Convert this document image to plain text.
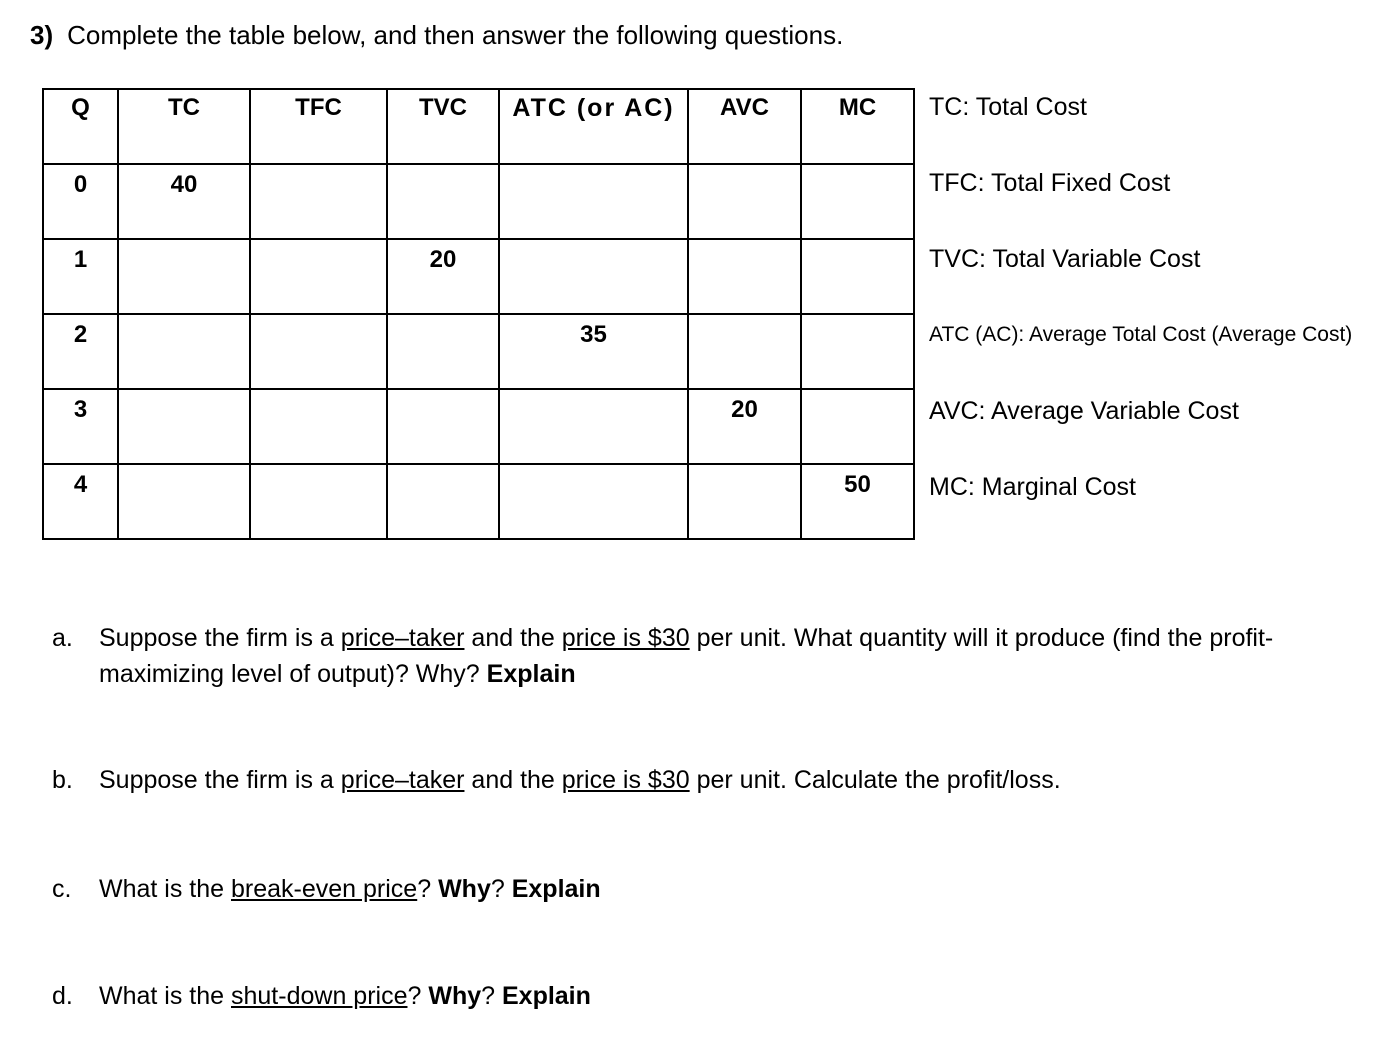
3) Complete the table below, and then answer the following questions.
Q	TC	TFC	TVC	ATC (or AC)	AVC	MC

0	40					

1			20			

2				35		

3					20	

4						50
TC: Total Cost
TFC: Total Fixed Cost
TVC: Total Variable Cost
ATC (AC): Average Total Cost (Average Cost)
AVC: Average Variable Cost
MC: Marginal Cost
a. Suppose the firm is a price–taker and the price is $30 per unit. What quantity will it produce (find the profit-maximizing level of output)? Why? Explain
b. Suppose the firm is a price–taker and the price is $30 per unit. Calculate the profit/loss.
c. What is the break-even price? Why? Explain
d. What is the shut-down price? Why? Explain
